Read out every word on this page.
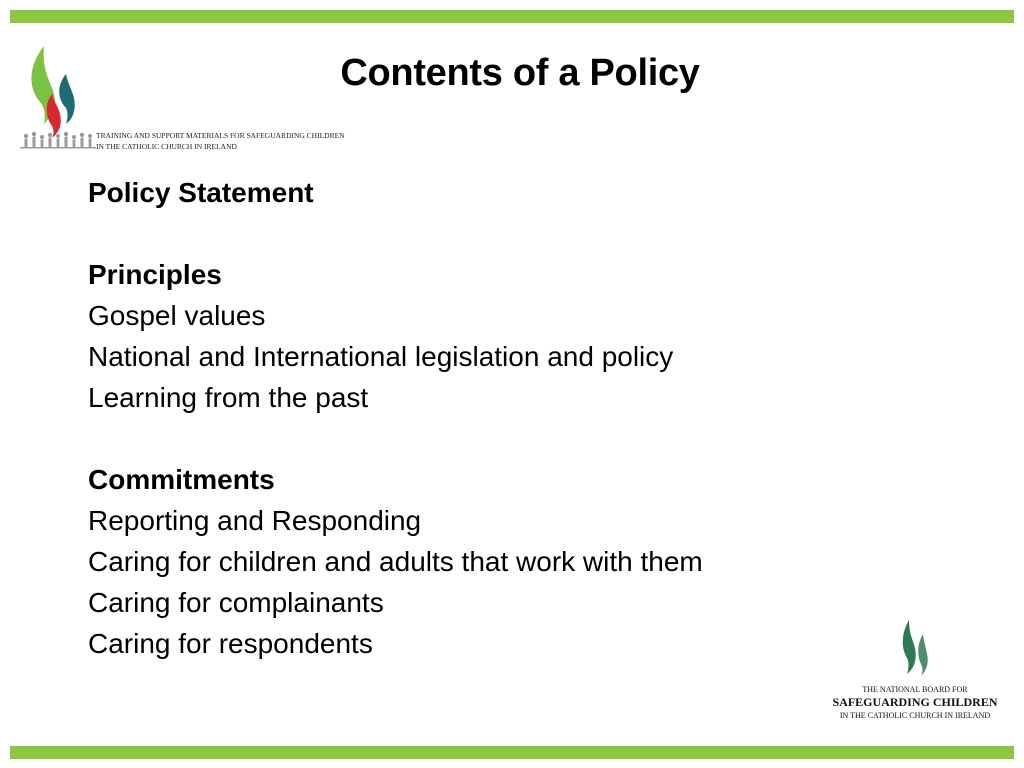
TRAINING AND SUPPORT MATERIALS FOR SAFEGUARDING CHILDREN
IN THE CATHOLIC CHURCH IN IRELAND
Contents of a Policy
Policy Statement
Principles
Gospel values
National and International legislation and policy
Learning from the past
Commitments
Reporting and Responding
Caring for children and adults that work with them
Caring for complainants
Caring for respondents
THE NATIONAL BOARD FOR
SAFEGUARDING CHILDREN
IN THE CATHOLIC CHURCH IN IRELAND
